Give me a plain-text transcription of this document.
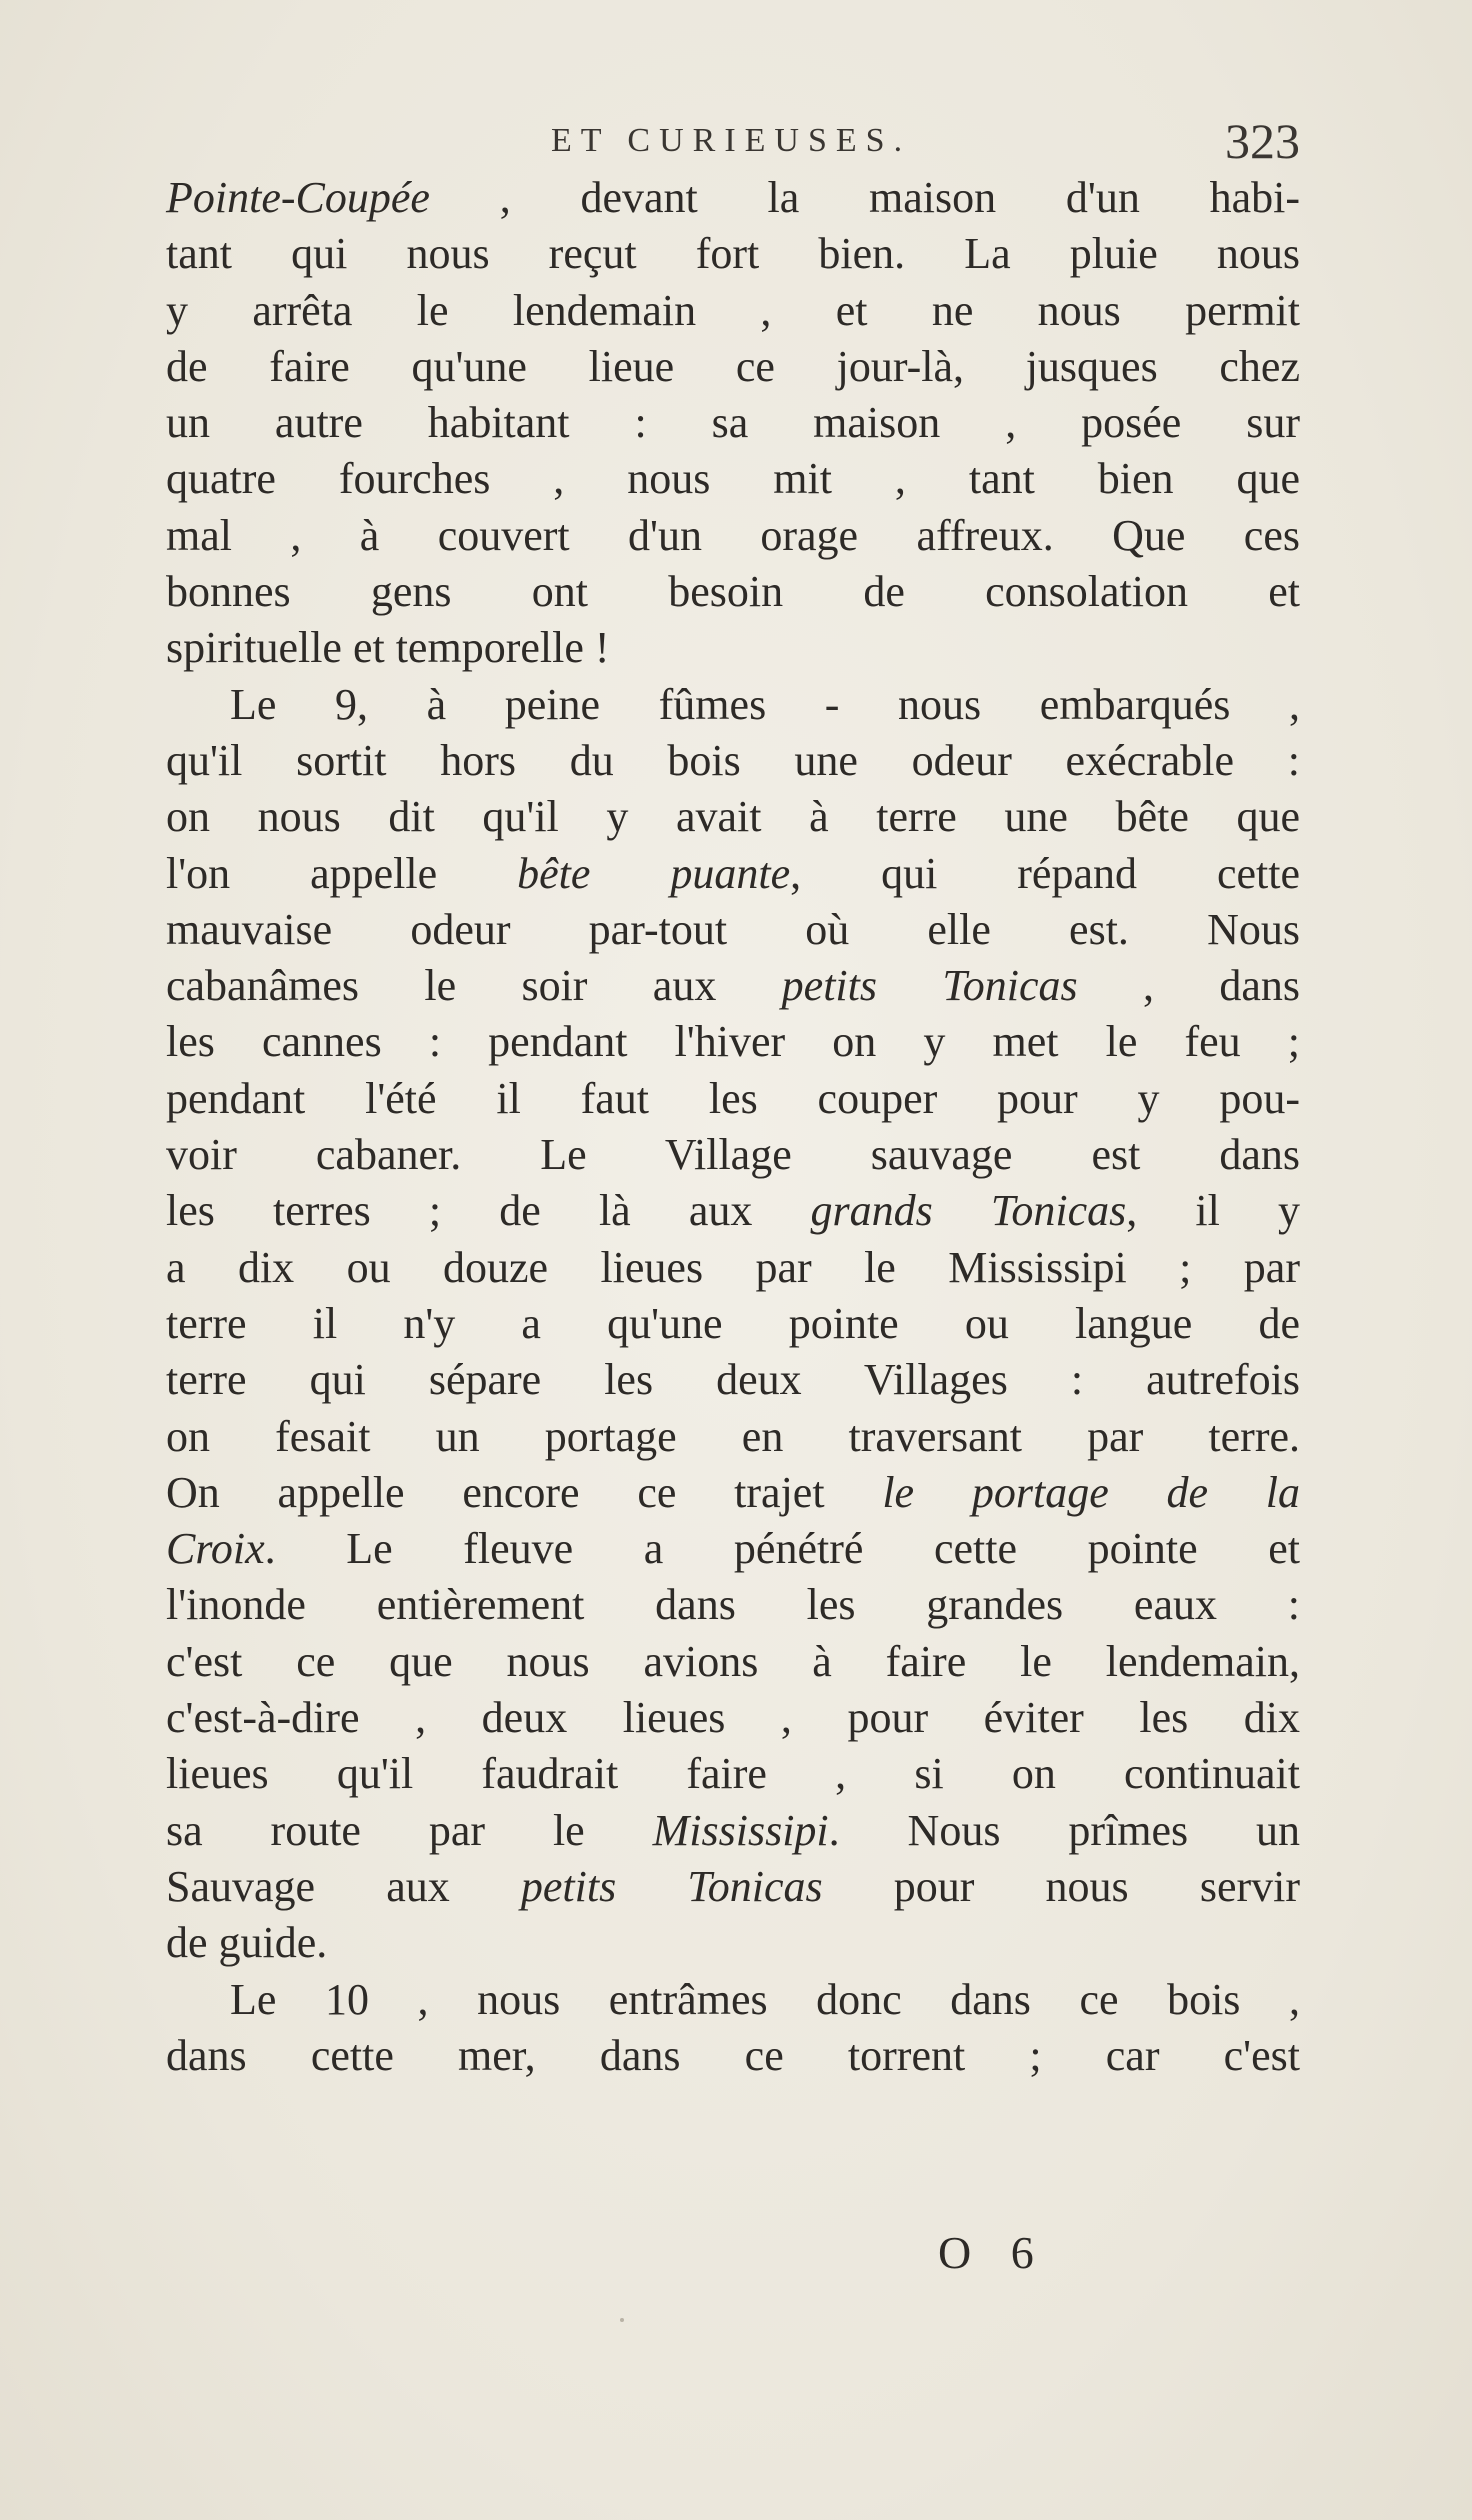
ET CURIEUSES.	323
Pointe-Coupée , devant la maison d'un habi-
tant qui nous reçut fort bien. La pluie nous
y arrêta le lendemain , et ne nous permit
de faire qu'une lieue ce jour-là, jusques chez
un autre habitant : sa maison , posée sur
quatre fourches , nous mit , tant bien que
mal , à couvert d'un orage affreux. Que ces
bonnes gens ont besoin de consolation et
spirituelle et temporelle !
Le 9, à peine fûmes - nous embarqués ,
qu'il sortit hors du bois une odeur exécrable :
on nous dit qu'il y avait à terre une bête que
l'on appelle bête puante, qui répand cette
mauvaise odeur par-tout où elle est. Nous
cabanâmes le soir aux petits Tonicas , dans
les cannes : pendant l'hiver on y met le feu ;
pendant l'été il faut les couper pour y pou-
voir cabaner. Le Village sauvage est dans
les terres ; de là aux grands Tonicas, il y
a dix ou douze lieues par le Mississipi ; par
terre il n'y a qu'une pointe ou langue de
terre qui sépare les deux Villages : autrefois
on fesait un portage en traversant par terre.
On appelle encore ce trajet le portage de la
Croix. Le fleuve a pénétré cette pointe et
l'inonde entièrement dans les grandes eaux :
c'est ce que nous avions à faire le lendemain,
c'est-à-dire , deux lieues , pour éviter les dix
lieues qu'il faudrait faire , si on continuait
sa route par le Mississipi. Nous prîmes un
Sauvage aux petits Tonicas pour nous servir
de guide.
Le 10 , nous entrâmes donc dans ce bois ,
dans cette mer, dans ce torrent ; car c'est
O 6
